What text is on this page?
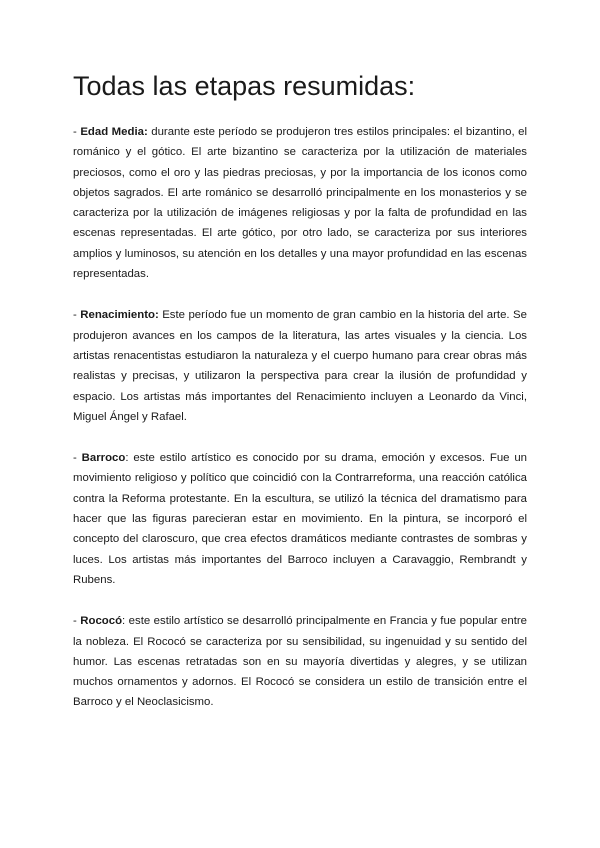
Todas las etapas resumidas:

- Edad Media: durante este período se produjeron tres estilos principales: el bizantino, el románico y el gótico. El arte bizantino se caracteriza por la utilización de materiales preciosos, como el oro y las piedras preciosas, y por la importancia de los iconos como objetos sagrados. El arte románico se desarrolló principalmente en los monasterios y se caracteriza por la utilización de imágenes religiosas y por la falta de profundidad en las escenas representadas. El arte gótico, por otro lado, se caracteriza por sus interiores amplios y luminosos, su atención en los detalles y una mayor profundidad en las escenas representadas.

- Renacimiento: Este período fue un momento de gran cambio en la historia del arte. Se produjeron avances en los campos de la literatura, las artes visuales y la ciencia. Los artistas renacentistas estudiaron la naturaleza y el cuerpo humano para crear obras más realistas y precisas, y utilizaron la perspectiva para crear la ilusión de profundidad y espacio. Los artistas más importantes del Renacimiento incluyen a Leonardo da Vinci, Miguel Ángel y Rafael.

- Barroco: este estilo artístico es conocido por su drama, emoción y excesos. Fue un movimiento religioso y político que coincidió con la Contrarreforma, una reacción católica contra la Reforma protestante. En la escultura, se utilizó la técnica del dramatismo para hacer que las figuras parecieran estar en movimiento. En la pintura, se incorporó el concepto del claroscuro, que crea efectos dramáticos mediante contrastes de sombras y luces. Los artistas más importantes del Barroco incluyen a Caravaggio, Rembrandt y Rubens.

- Rococó: este estilo artístico se desarrolló principalmente en Francia y fue popular entre la nobleza. El Rococó se caracteriza por su sensibilidad, su ingenuidad y su sentido del humor. Las escenas retratadas son en su mayoría divertidas y alegres, y se utilizan muchos ornamentos y adornos. El Rococó se considera un estilo de transición entre el Barroco y el Neoclasicismo.
